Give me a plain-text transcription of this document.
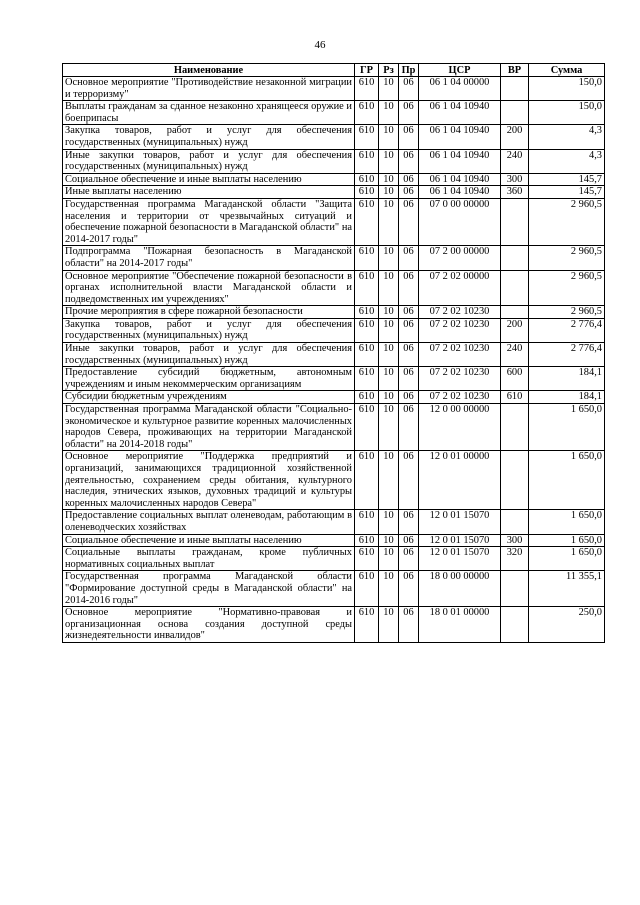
46
Наименование	ГР	Рз	Пр	ЦСР	ВР	Сумма
Основное мероприятие "Противодействие незаконной миграции и терроризму"	610	10	06	06 1 04 00000		150,0
Выплаты гражданам за сданное незаконно хранящееся оружие и боеприпасы	610	10	06	06 1 04 10940		150,0
Закупка товаров, работ и услуг для обеспечения государственных (муниципальных) нужд	610	10	06	06 1 04 10940	200	4,3
Иные закупки товаров, работ и услуг для обеспечения государственных (муниципальных) нужд	610	10	06	06 1 04 10940	240	4,3
Социальное обеспечение и иные выплаты населению	610	10	06	06 1 04 10940	300	145,7
Иные выплаты населению	610	10	06	06 1 04 10940	360	145,7
Государственная программа Магаданской области "Защита населения и территории от чрезвычайных ситуаций и обеспечение пожарной безопасности в Магаданской области" на 2014-2017 годы"	610	10	06	07 0 00 00000		2 960,5
Подпрограмма "Пожарная безопасность в Магаданской области" на 2014-2017 годы"	610	10	06	07 2 00 00000		2 960,5
Основное мероприятие "Обеспечение пожарной безопасности в органах исполнительной власти Магаданской области и подведомственных им учреждениях"	610	10	06	07 2 02 00000		2 960,5
Прочие мероприятия в сфере пожарной безопасности	610	10	06	07 2 02 10230		2 960,5
Закупка товаров, работ и услуг для обеспечения государственных (муниципальных) нужд	610	10	06	07 2 02 10230	200	2 776,4
Иные закупки товаров, работ и услуг для обеспечения государственных (муниципальных) нужд	610	10	06	07 2 02 10230	240	2 776,4
Предоставление субсидий бюджетным, автономным учреждениям и иным некоммерческим организациям	610	10	06	07 2 02 10230	600	184,1
Субсидии бюджетным учреждениям	610	10	06	07 2 02 10230	610	184,1
Государственная программа Магаданской области "Социально-экономическое и культурное развитие коренных малочисленных народов Севера, проживающих на территории Магаданской области" на 2014-2018 годы"	610	10	06	12 0 00 00000		1 650,0
Основное мероприятие "Поддержка предприятий и организаций, занимающихся традиционной хозяйственной деятельностью, сохранением среды обитания, культурного наследия, этнических языков, духовных традиций и культуры коренных малочисленных народов Севера"	610	10	06	12 0 01 00000		1 650,0
Предоставление социальных выплат оленеводам, работающим в оленеводческих хозяйствах	610	10	06	12 0 01 15070		1 650,0
Социальное обеспечение и иные выплаты населению	610	10	06	12 0 01 15070	300	1 650,0
Социальные выплаты гражданам, кроме публичных нормативных социальных выплат	610	10	06	12 0 01 15070	320	1 650,0
Государственная программа Магаданской области "Формирование доступной среды в Магаданской области" на 2014-2016 годы"	610	10	06	18 0 00 00000		11 355,1
Основное мероприятие "Нормативно-правовая и организационная основа создания доступной среды жизнедеятельности инвалидов"	610	10	06	18 0 01 00000		250,0
